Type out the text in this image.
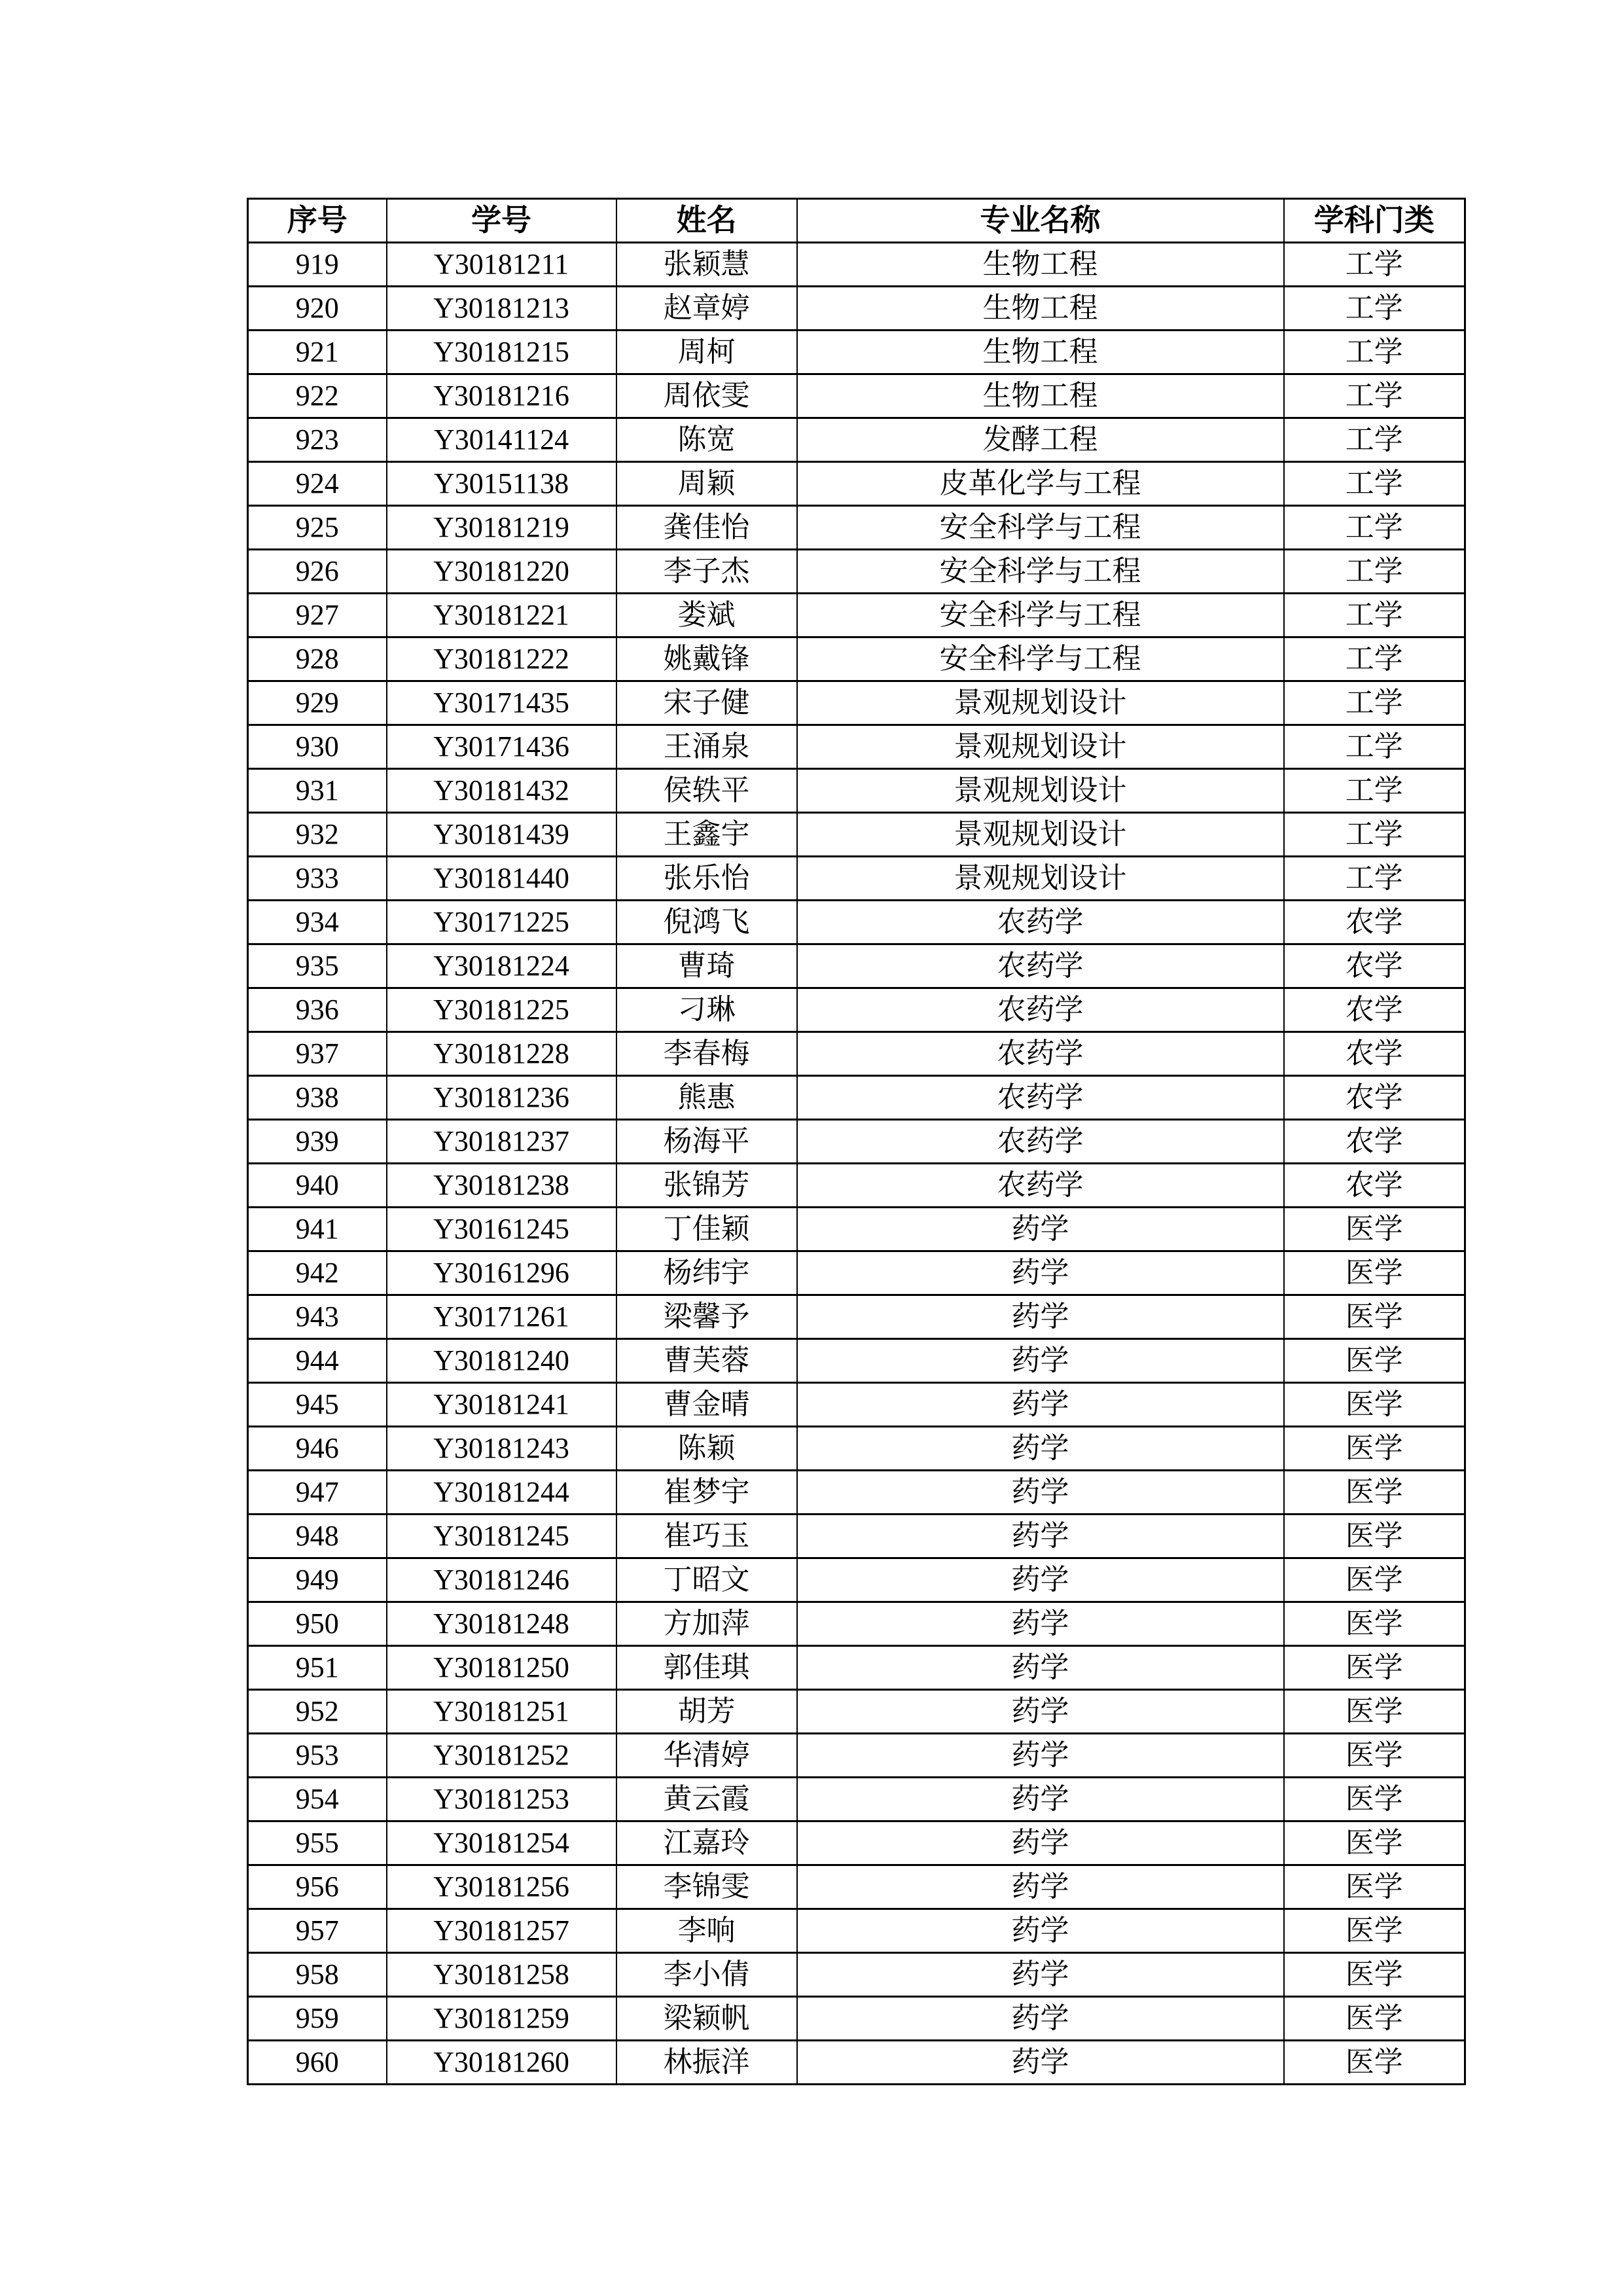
序号	学号	姓名	专业名称	学科门类
919	Y30181211	张颖慧	生物工程	工学
920	Y30181213	赵章婷	生物工程	工学
921	Y30181215	周柯	生物工程	工学
922	Y30181216	周依雯	生物工程	工学
923	Y30141124	陈宽	发酵工程	工学
924	Y30151138	周颖	皮革化学与工程	工学
925	Y30181219	龚佳怡	安全科学与工程	工学
926	Y30181220	李子杰	安全科学与工程	工学
927	Y30181221	娄斌	安全科学与工程	工学
928	Y30181222	姚戴锋	安全科学与工程	工学
929	Y30171435	宋子健	景观规划设计	工学
930	Y30171436	王涌泉	景观规划设计	工学
931	Y30181432	侯轶平	景观规划设计	工学
932	Y30181439	王鑫宇	景观规划设计	工学
933	Y30181440	张乐怡	景观规划设计	工学
934	Y30171225	倪鸿飞	农药学	农学
935	Y30181224	曹琦	农药学	农学
936	Y30181225	刁琳	农药学	农学
937	Y30181228	李春梅	农药学	农学
938	Y30181236	熊惠	农药学	农学
939	Y30181237	杨海平	农药学	农学
940	Y30181238	张锦芳	农药学	农学
941	Y30161245	丁佳颖	药学	医学
942	Y30161296	杨纬宇	药学	医学
943	Y30171261	梁馨予	药学	医学
944	Y30181240	曹芙蓉	药学	医学
945	Y30181241	曹金晴	药学	医学
946	Y30181243	陈颖	药学	医学
947	Y30181244	崔梦宇	药学	医学
948	Y30181245	崔巧玉	药学	医学
949	Y30181246	丁昭文	药学	医学
950	Y30181248	方加萍	药学	医学
951	Y30181250	郭佳琪	药学	医学
952	Y30181251	胡芳	药学	医学
953	Y30181252	华清婷	药学	医学
954	Y30181253	黄云霞	药学	医学
955	Y30181254	江嘉玲	药学	医学
956	Y30181256	李锦雯	药学	医学
957	Y30181257	李响	药学	医学
958	Y30181258	李小倩	药学	医学
959	Y30181259	梁颖帆	药学	医学
960	Y30181260	林振洋	药学	医学
